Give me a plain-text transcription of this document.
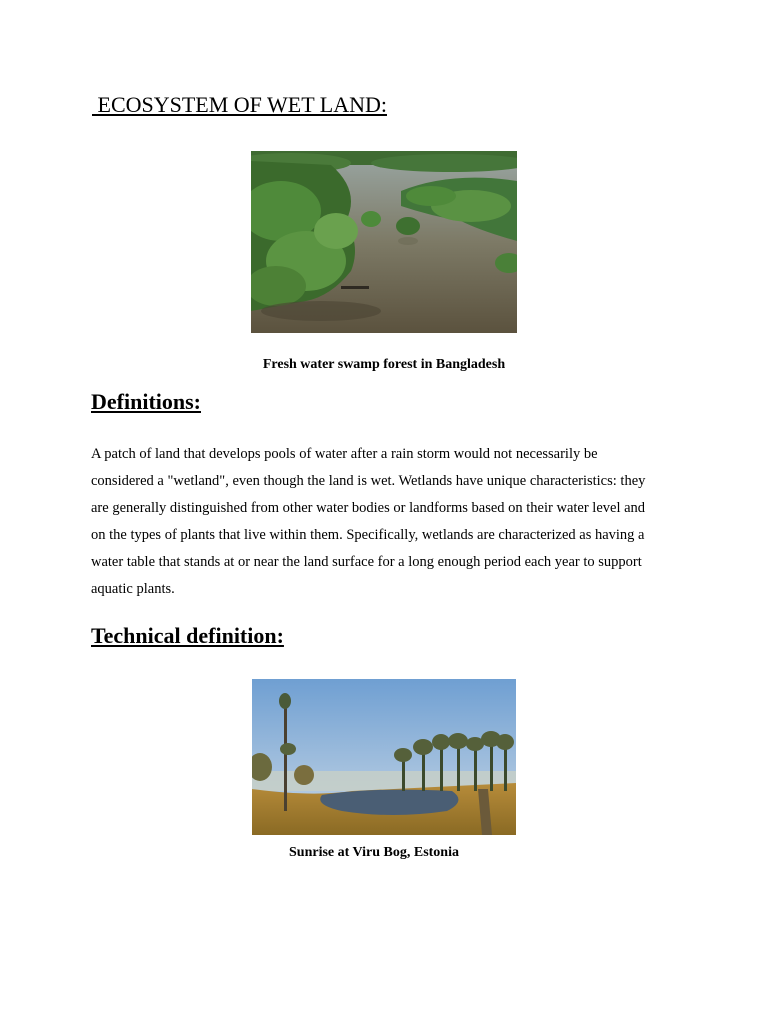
ECOSYSTEM OF WET LAND:

Fresh water swamp forest in Bangladesh

Definitions:

A patch of land that develops pools of water after a rain storm would not necessarily be
considered a "wetland", even though the land is wet. Wetlands have unique characteristics: they
are generally distinguished from other water bodies or landforms based on their water level and
on the types of plants that live within them. Specifically, wetlands are characterized as having a
water table that stands at or near the land surface for a long enough period each year to support
aquatic plants.

Technical definition:

Sunrise at Viru Bog, Estonia
